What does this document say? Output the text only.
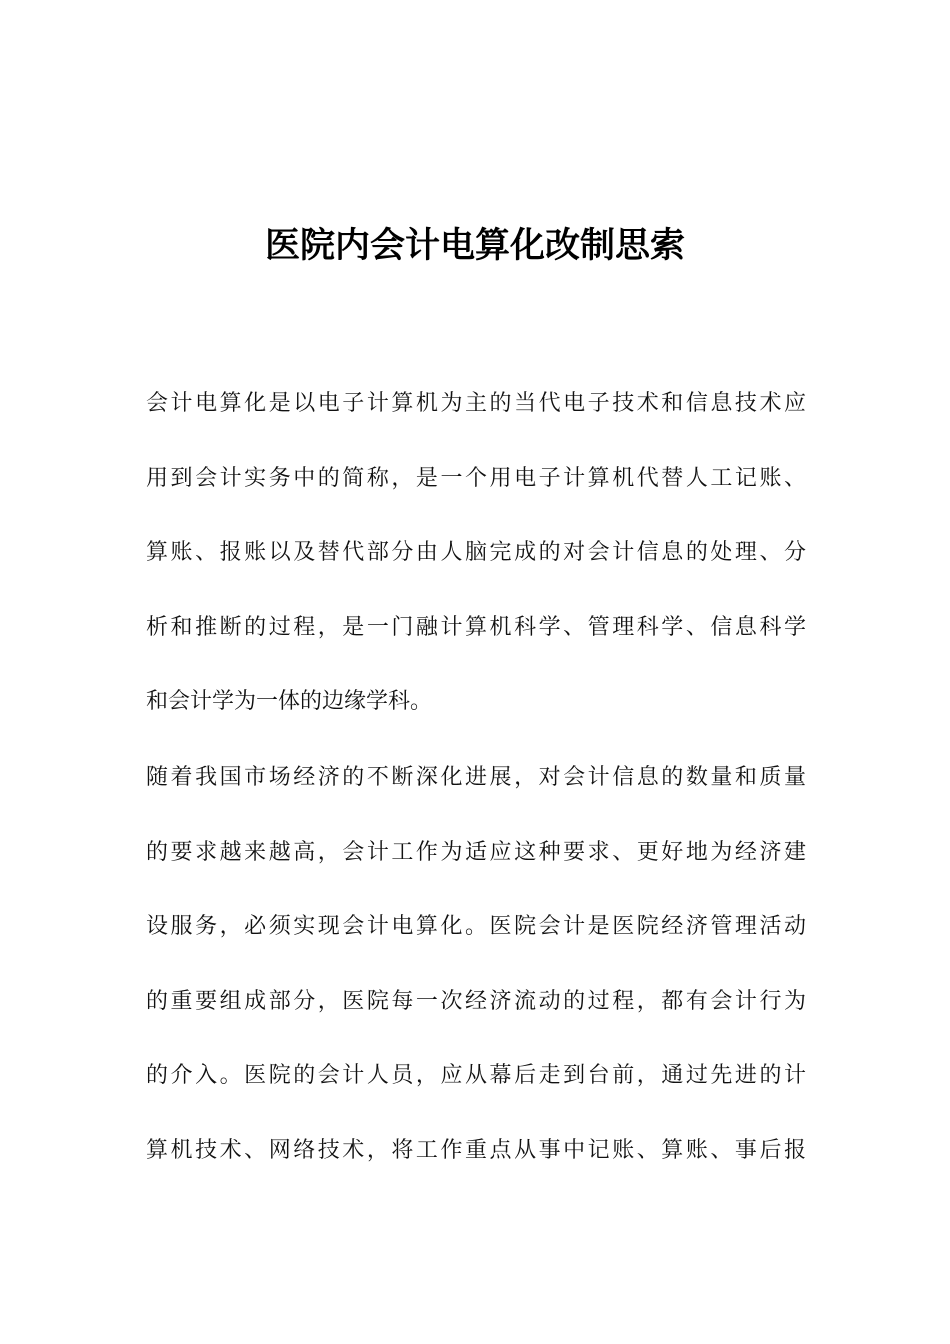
医院内会计电算化改制思索
会计电算化是以电子计算机为主的当代电子技术和信息技术应
用到会计实务中的简称，是一个用电子计算机代替人工记账、
算账、报账以及替代部分由人脑完成的对会计信息的处理、分
析和推断的过程，是一门融计算机科学、管理科学、信息科学
和会计学为一体的边缘学科。
随着我国市场经济的不断深化进展，对会计信息的数量和质量
的要求越来越高，会计工作为适应这种要求、更好地为经济建
设服务，必须实现会计电算化。医院会计是医院经济管理活动
的重要组成部分，医院每一次经济流动的过程，都有会计行为
的介入。医院的会计人员，应从幕后走到台前，通过先进的计
算机技术、网络技术，将工作重点从事中记账、算账、事后报
